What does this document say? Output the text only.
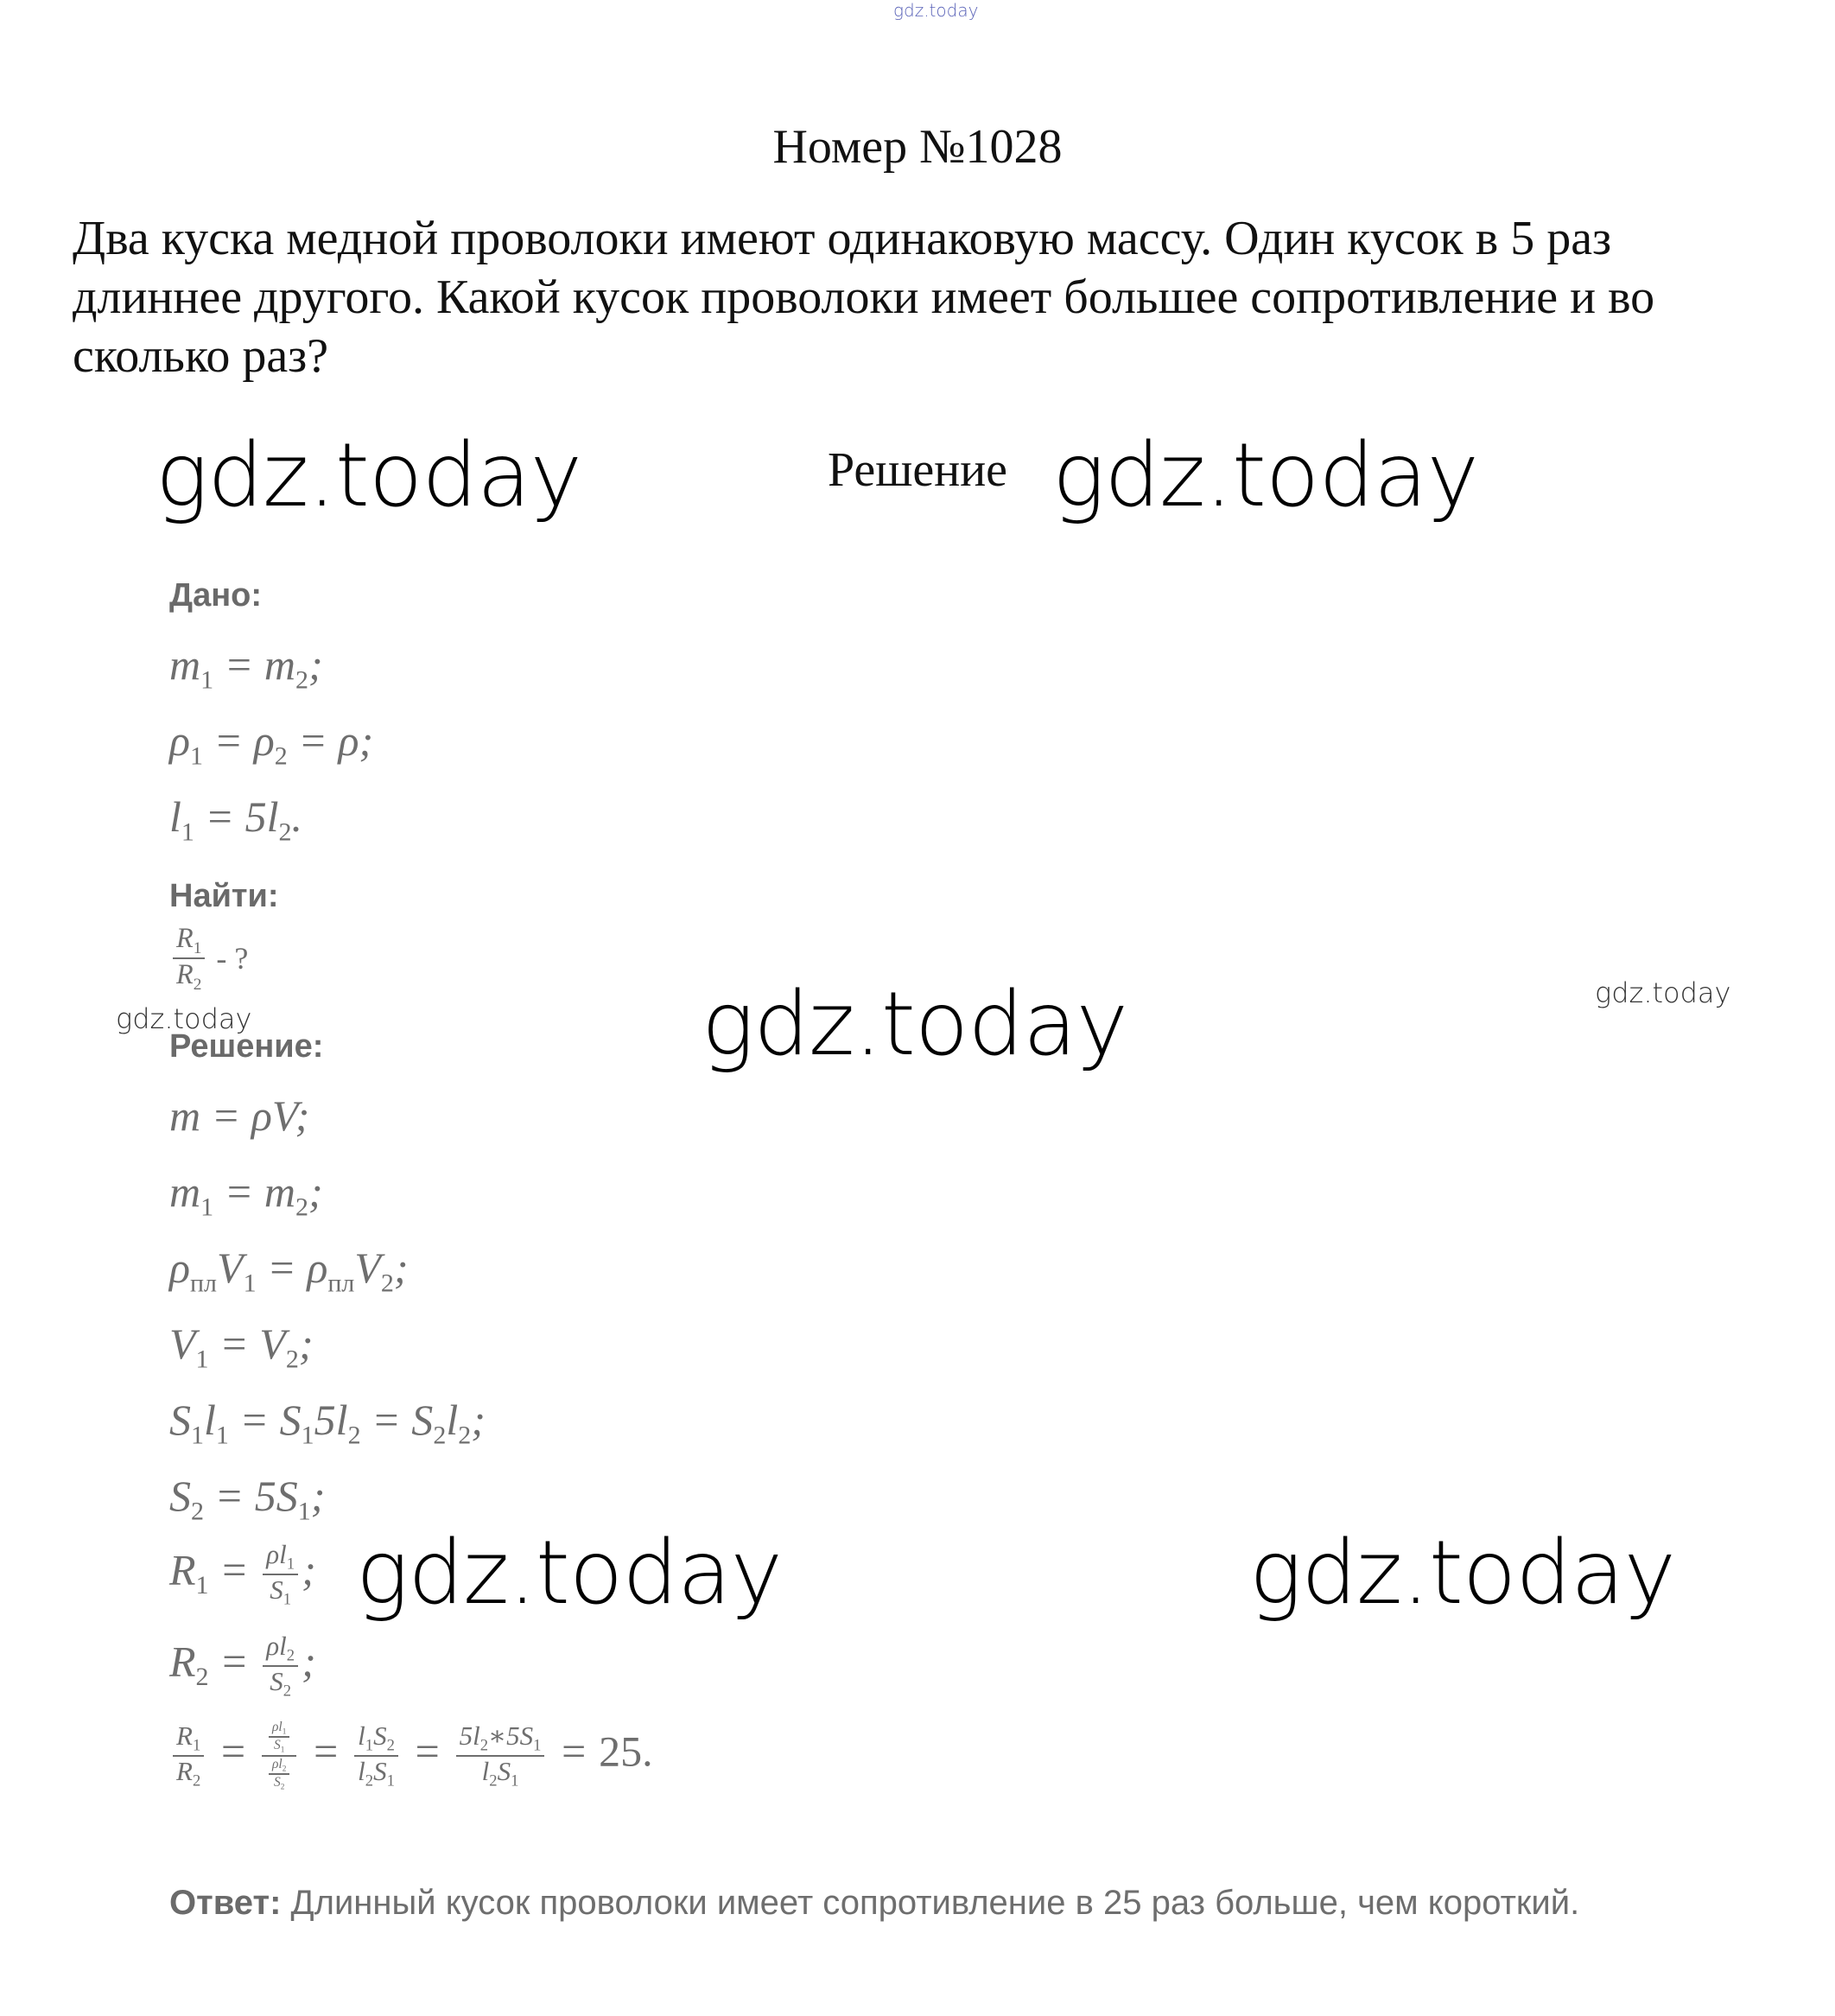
gdz.today
gdz.today	gdz.today
gdz.today
gdz.today	gdz.today
gdz.today
gdz.today
Номер №1028
Два куска медной проволоки имеют одинаковую массу. Один кусок в 5 раз длиннее другого. Какой кусок проволоки имеет большее сопротивление и во сколько раз?
Решение
Дано:
$m_1 = m_2$;
$\rho_1 = \rho_2 = \rho$;
$l_1 = 5l_2$.
Найти:
$\frac{R_1}{R_2}$ - ?
Решение:
m = ρV;
$m_1 = m_2$;
$\rho_{пл}V_1 = \rho_{пл}V_2$;
$V_1 = V_2$;
$S_1l_1 = S_15l_2 = S_2l_2$;
$S_2 = 5S_1$;
$R_1 = \frac{\rho l_1}{S_1}$ ;
$R_2 = \frac{\rho l_2}{S_2}$ ;
$\frac{R_1}{R_2} = \frac{\frac{\rho l_1}{S_1}}{\frac{\rho l_2}{S_2}} = \frac{l_1S_2}{l_2S_1} = \frac{5l_2∗5S_1}{l_2S_1} = 25$.
Ответ: Длинный кусок проволоки имеет сопротивление в 25 раз больше, чем короткий.
